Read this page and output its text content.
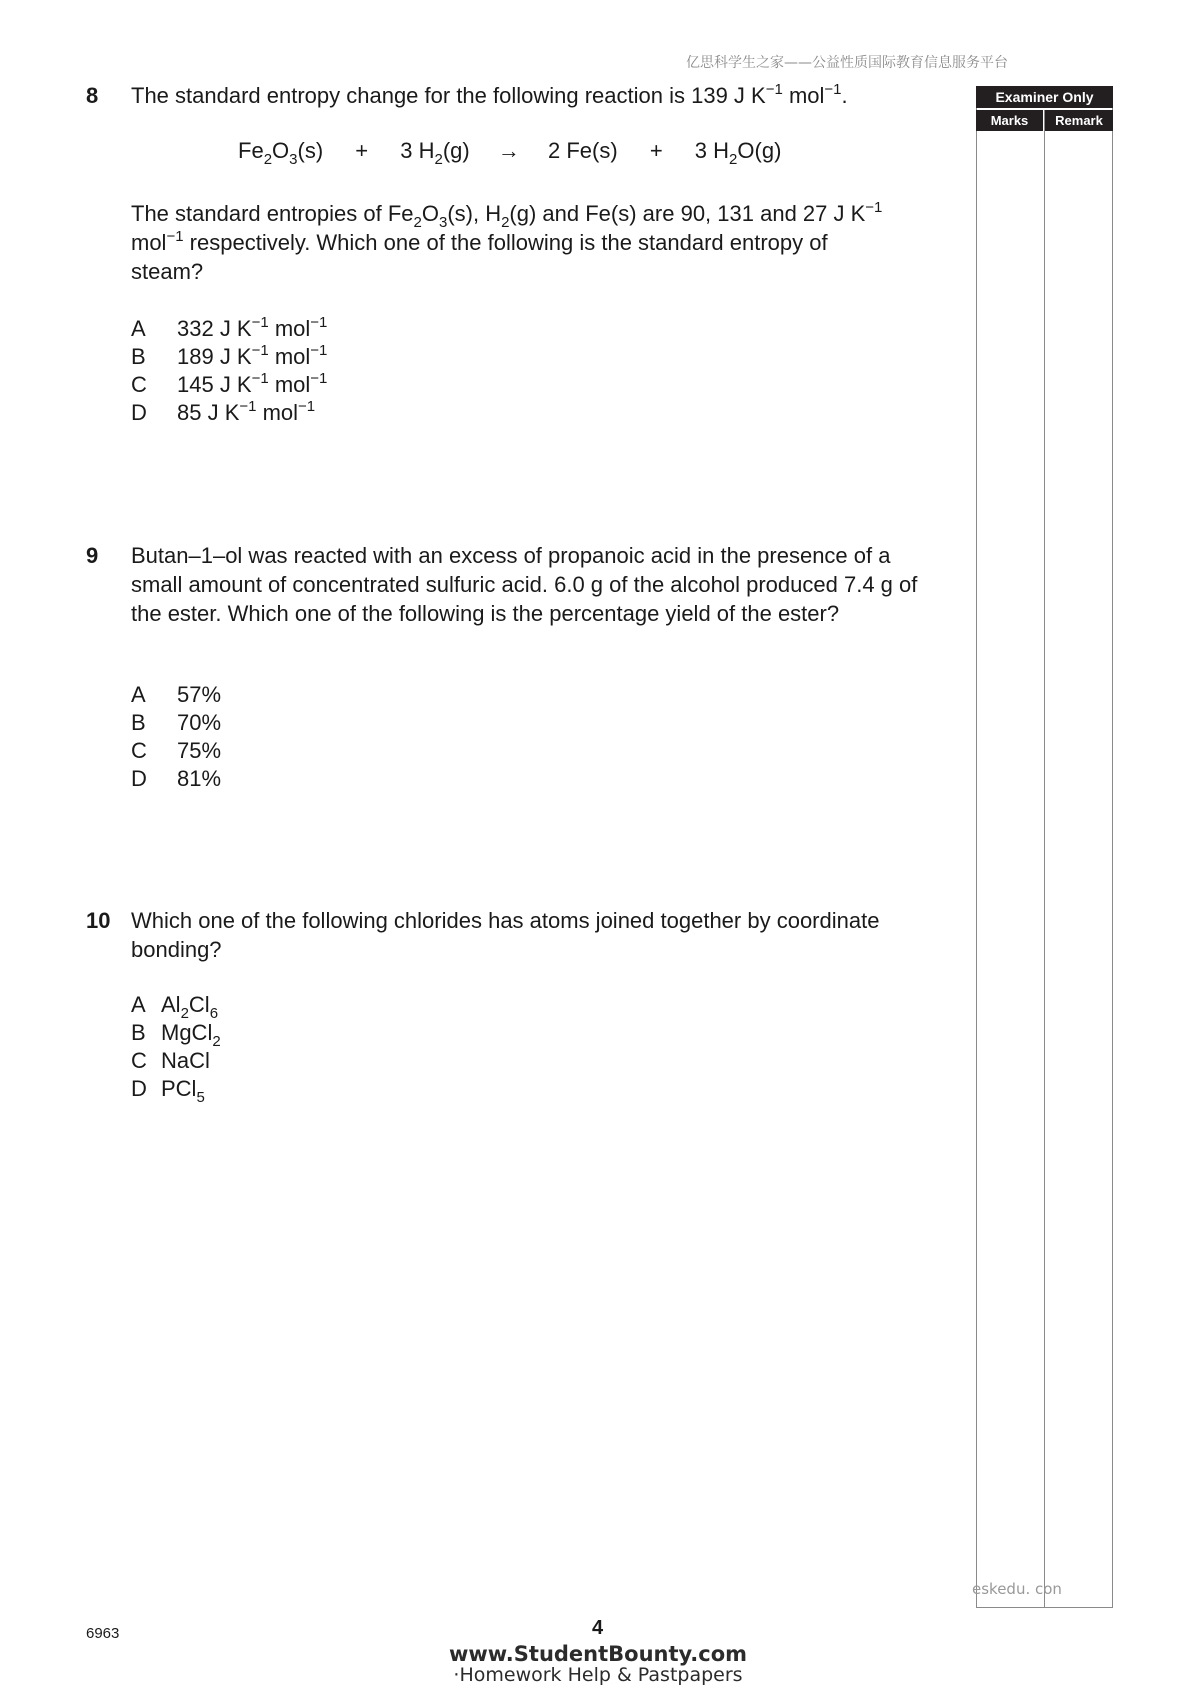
亿思科学生之家——公益性质国际教育信息服务平台
Examiner Only
Marks	Remark
8 The standard entropy change for the following reaction is 139 J $K^{-1}$ mol$^{-1}$.
$Fe_2O_3(s) + 3$ $H_2(g) \to 2$ Fe(s) + 3 $H_2O(g)$
The standard entropies of $Fe_2O_3(s)$, $H_2(g)$ and Fe(s) are 90, 131 and 27 J $K^{-1}$ mol$^{-1}$ respectively. Which one of the following is the standard entropy of steam?
A	332 J $K^{-1}$ mol$^{-1}$
B	189 J $K^{-1}$ mol$^{-1}$
C	145 J $K^{-1}$ mol$^{-1}$
D	85 J $K^{-1}$ mol$^{-1}$
9 Butan–1–ol was reacted with an excess of propanoic acid in the presence of a small amount of concentrated sulfuric acid. 6.0 g of the alcohol produced 7.4 g of the ester. Which one of the following is the percentage yield of the ester?
A	57%
B	70%
C	75%
D	81%
10 Which one of the following chlorides has atoms joined together by coordinate bonding?
A $Al_2Cl_6$
B MgCl$_2$
C NaCl
D PCl$_5$
eskedu. con
6963	4
www.StudentBounty.com
·Homework Help & Pastpapers
